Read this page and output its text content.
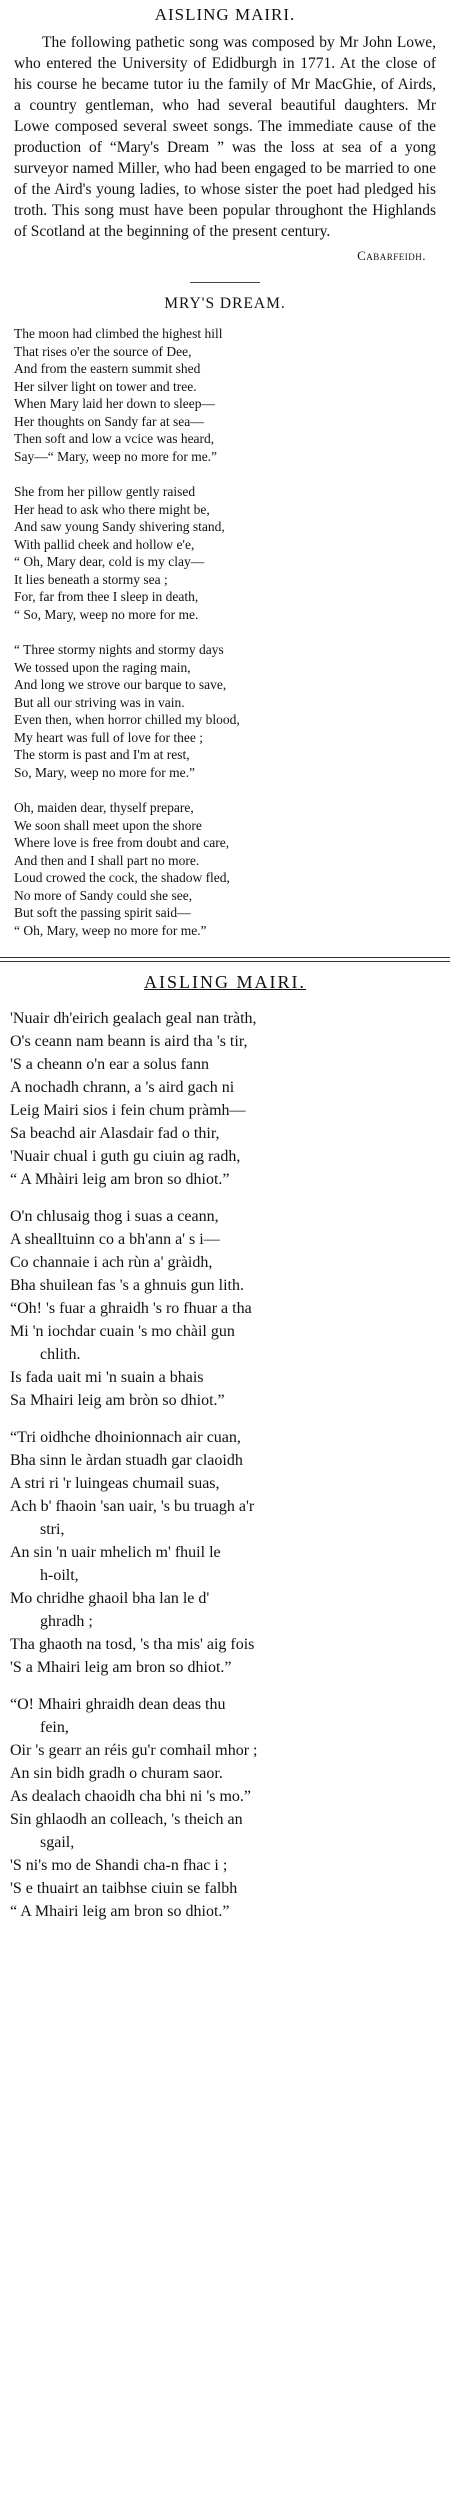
AISLING MAIRI.

The following pathetic song was composed by Mr John Lowe, who entered the University of Edidburgh in 1771. At the close of his course he became tutor iu the family of Mr MacGhie, of Airds, a country gentleman, who had several beautiful daughters. Mr Lowe composed several sweet songs. The immediate cause of the production of “Mary's Dream ” was the loss at sea of a yong surveyor named Miller, who had been engaged to be married to one of the Aird's young ladies, to whose sister the poet had pledged his troth. This song must have been popular throughont the Highlands of Scotland at the beginning of the present century.

Cabarfeidh.
MRY'S DREAM.
The moon had climbed the highest hill
That rises o'er the source of Dee,
And from the eastern summit shed
Her silver light on tower and tree.
When Mary laid her down to sleep—
Her thoughts on Sandy far at sea—
Then soft and low a vcice was heard,
Say—“ Mary, weep no more for me.”
She from her pillow gently raised
Her head to ask who there might be,
And saw young Sandy shivering stand,
With pallid cheek and hollow e'e,
“ Oh, Mary dear, cold is my clay—
It lies beneath a stormy sea ;
For, far from thee I sleep in death,
“ So, Mary, weep no more for me.
“ Three stormy nights and stormy days
We tossed upon the raging main,
And long we strove our barque to save,
But all our striving was in vain.
Even then, when horror chilled my blood,
My heart was full of love for thee ;
The storm is past and I'm at rest,
So, Mary, weep no more for me.”
Oh, maiden dear, thyself prepare,
We soon shall meet upon the shore
Where love is free from doubt and care,
And then and I shall part no more.
Loud crowed the cock, the shadow fled,
No more of Sandy could she see,
But soft the passing spirit said—
“ Oh, Mary, weep no more for me.”
AISLING MAIRI.
'Nuair dh'eirich gealach geal nan tràth,
O's ceann nam beann is aird tha 's tir,
'S a cheann o'n ear a solus fann
A nochadh chrann, a 's aird gach ni
Leig Mairi sios i fein chum pràmh—
Sa beachd air Alasdair fad o thir,
'Nuair chual i guth gu ciuin ag radh,
“ A Mhàiri leig am bron so dhiot.”
O'n chlusaig thog i suas a ceann,
A shealltuinn co a bh'ann a' s i—
Co channaie i ach rùn a' gràidh,
Bha shuilean fas 's a ghnuis gun lith.
“Oh! 's fuar a ghraidh 's ro fhuar a tha
Mi 'n iochdar cuain 's mo chàil gun
chlith.
Is fada uait mi 'n suain a bhais
Sa Mhairi leig am bròn so dhiot.”
“Tri oidhche dhoinionnach air cuan,
Bha sinn le àrdan stuadh gar claoidh
A stri ri 'r luingeas chumail suas,
Ach b' fhaoin 'san uair, 's bu truagh a'r
stri,
An sin 'n uair mhelich m' fhuil le
h-oilt,
Mo chridhe ghaoil bha lan le d'
ghradh ;
Tha ghaoth na tosd, 's tha mis' aig fois
'S a Mhairi leig am bron so dhiot.”
“O! Mhairi ghraidh dean deas thu
fein,
Oir 's gearr an réis gu'r comhail mhor ;
An sin bidh gradh o churam saor.
As dealach chaoidh cha bhi ni 's mo.”
Sin ghlaodh an colleach, 's theich an
sgail,
'S ni's mo de Shandi cha-n fhac i ;
'S e thuairt an taibhse ciuin se falbh
“ A Mhairi leig am bron so dhiot.”
